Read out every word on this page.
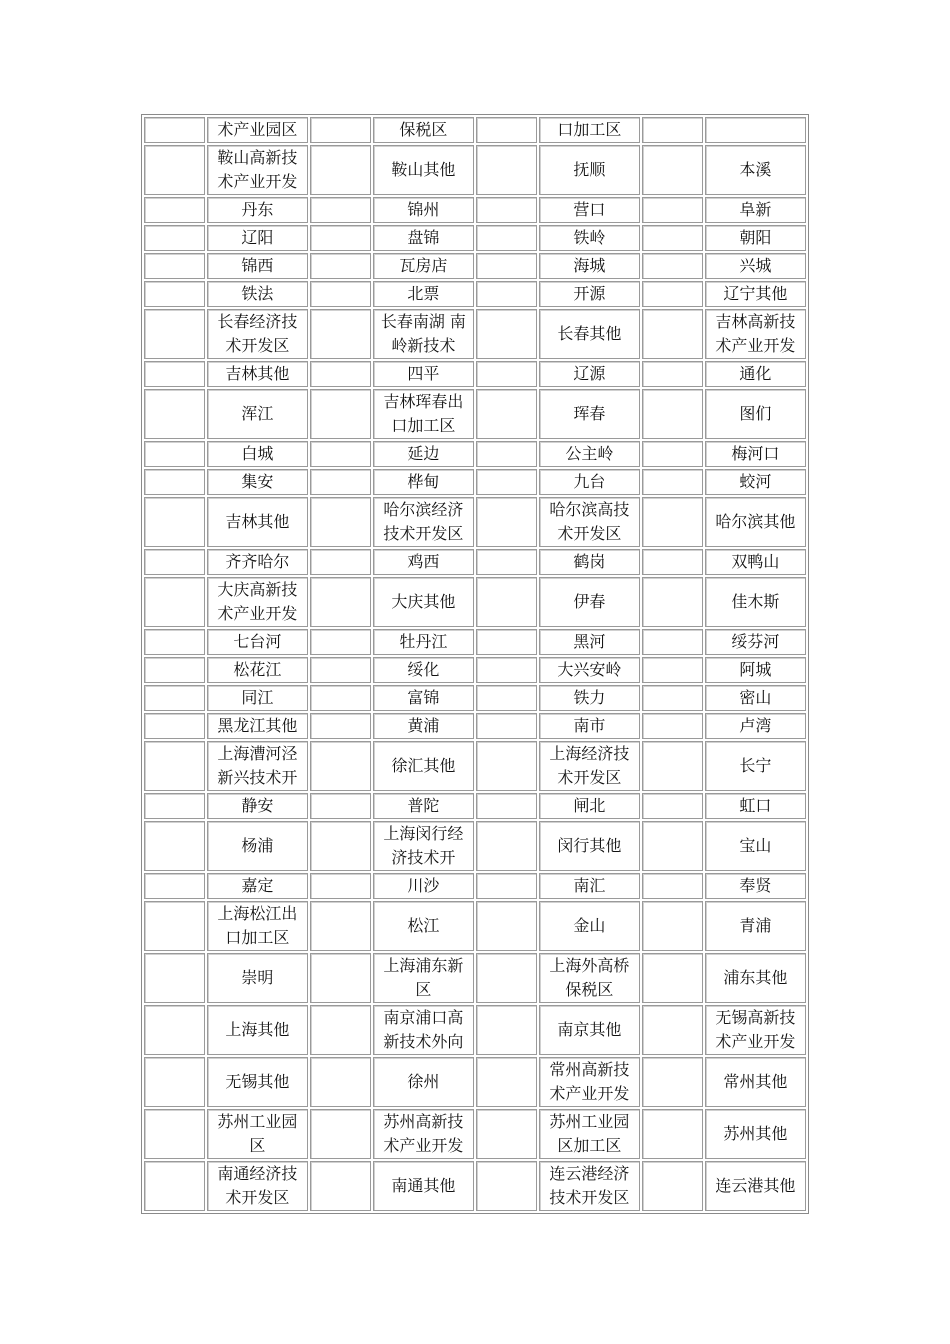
	术产业园区		保税区		口加工区		
	鞍山高新技术产业开发		鞍山其他		抚顺		本溪
	丹东		锦州		营口		阜新
	辽阳		盘锦		铁岭		朝阳
	锦西		瓦房店		海城		兴城
	铁法		北票		开源		辽宁其他
	长春经济技术开发区		长春南湖 南岭新技术		长春其他		吉林高新技术产业开发
	吉林其他		四平		辽源		通化
	浑江		吉林珲春出口加工区		珲春		图们
	白城		延边		公主岭		梅河口
	集安		桦甸		九台		蛟河
	吉林其他		哈尔滨经济技术开发区		哈尔滨高技术开发区		哈尔滨其他
	齐齐哈尔		鸡西		鹤岗		双鸭山
	大庆高新技术产业开发		大庆其他		伊春		佳木斯
	七台河		牡丹江		黑河		绥芬河
	松花江		绥化		大兴安岭		阿城
	同江		富锦		铁力		密山
	黑龙江其他		黄浦		南市		卢湾
	上海漕河泾新兴技术开		徐汇其他		上海经济技术开发区		长宁
	静安		普陀		闸北		虹口
	杨浦		上海闵行经济技术开		闵行其他		宝山
	嘉定		川沙		南汇		奉贤
	上海松江出口加工区		松江		金山		青浦
	崇明		上海浦东新区		上海外高桥保税区		浦东其他
	上海其他		南京浦口高新技术外向		南京其他		无锡高新技术产业开发
	无锡其他		徐州		常州高新技术产业开发		常州其他
	苏州工业园区		苏州高新技术产业开发		苏州工业园区加工区		苏州其他
	南通经济技术开发区		南通其他		连云港经济技术开发区		连云港其他
